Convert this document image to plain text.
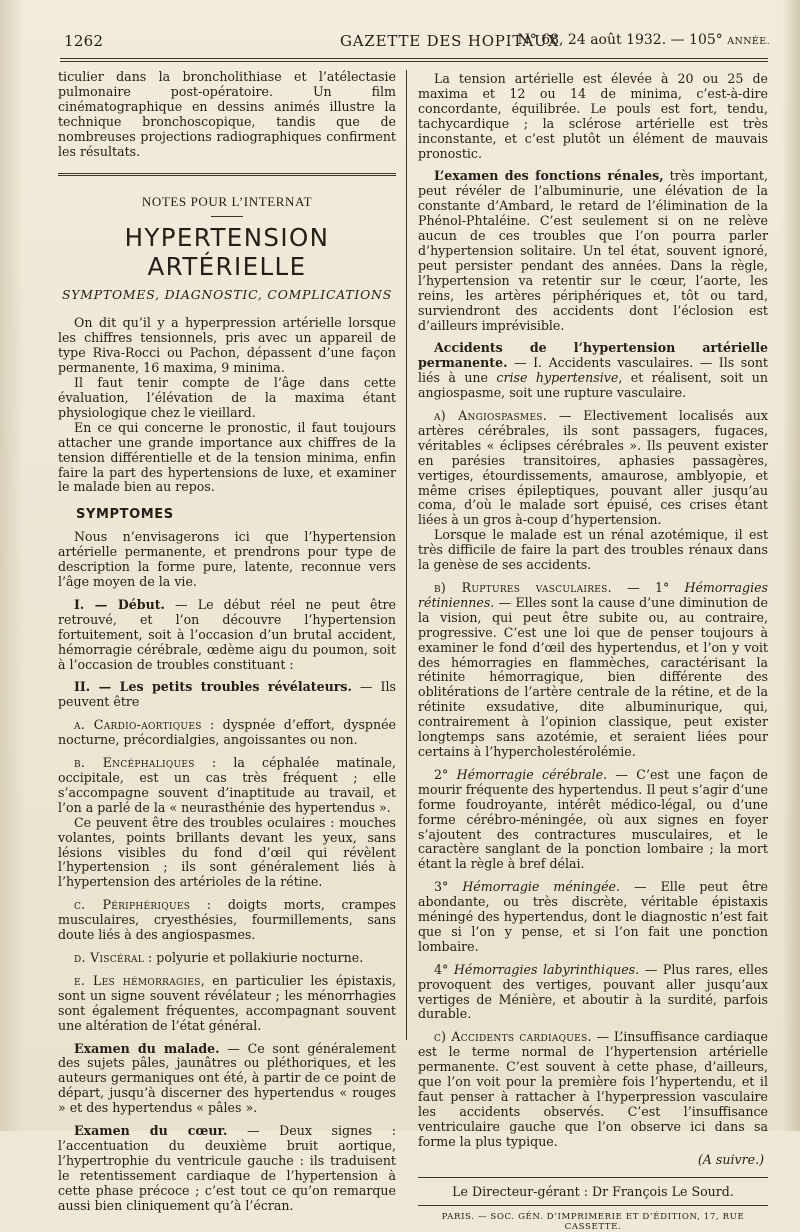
1262	GAZETTE DES HOPITAUX
N° 68, 24 août 1932. — 105° ANNÉE.

ticulier dans la broncholithiase et l’atélectasie pulmonaire post-opératoire. Un film cinématographique en dessins animés illustre la technique bronchoscopique, tandis que de nombreuses projections radiographiques confirment les résultats.

NOTES POUR L’INTERNAT
HYPERTENSION ARTÉRIELLE
SYMPTOMES, DIAGNOSTIC, COMPLICATIONS

On dit qu’il y a hyperpression artérielle lorsque les chiffres tensionnels, pris avec un appareil de type Riva-Rocci ou Pachon, dépassent d’une façon permanente, 16 maxima, 9 minima.

Il faut tenir compte de l’âge dans cette évaluation, l’élévation de la maxima étant physiologique chez le vieillard.

En ce qui concerne le pronostic, il faut toujours attacher une grande importance aux chiffres de la tension différentielle et de la tension minima, enfin faire la part des hypertensions de luxe, et examiner le malade bien au repos.

SYMPTOMES

Nous n’envisagerons ici que l’hypertension artérielle permanente, et prendrons pour type de description la forme pure, latente, reconnue vers l’âge moyen de la vie.

I. — Début. — Le début réel ne peut être retrouvé, et l’on découvre l’hypertension fortuitement, soit à l’occasion d’un brutal accident, hémorragie cérébrale, œdème aigu du poumon, soit à l’occasion de troubles constituant :

II. — Les petits troubles révélateurs. — Ils peuvent être

a. Cardio-aortiques : dyspnée d’effort, dyspnée nocturne, précordialgies, angoissantes ou non.

b. Encéphaliques : la céphalée matinale, occipitale, est un cas très fréquent ; elle s’accompagne souvent d’inaptitude au travail, et l’on a parlé de la « neurasthénie des hypertendus ».

Ce peuvent être des troubles oculaires : mouches volantes, points brillants devant les yeux, sans lésions visibles du fond d’œil qui révèlent l’hypertension ; ils sont généralement liés à l’hypertension des artérioles de la rétine.

c. Périphériques : doigts morts, crampes musculaires, cryesthésies, fourmillements, sans doute liés à des angiospasmes.

d. Viscéral : polyurie et pollakiurie nocturne.

e. Les hémorragies, en particulier les épistaxis, sont un signe souvent révélateur ; les ménorrhagies sont également fréquentes, accompagnant souvent une altération de l’état général.

Examen du malade. — Ce sont généralement des sujets pâles, jaunâtres ou pléthoriques, et les auteurs germaniques ont été, à partir de ce point de départ, jusqu’à discerner des hypertendus « rouges » et des hypertendus « pâles ».

Examen du cœur. — Deux signes : l’accentuation du deuxième bruit aortique, l’hypertrophie du ventricule gauche : ils traduisent le retentissement cardiaque de l’hypertension à cette phase précoce ; c’est tout ce qu’on remarque aussi bien cliniquement qu’à l’écran.

La tension artérielle est élevée à 20 ou 25 de maxima et 12 ou 14 de minima, c’est-à-dire concordante, équilibrée. Le pouls est fort, tendu, tachycardique ; la sclérose artérielle est très inconstante, et c’est plutôt un élément de mauvais pronostic.

L’examen des fonctions rénales, très important, peut révéler de l’albuminurie, une élévation de la constante d’Ambard, le retard de l’élimination de la Phénol-Phtaléine. C’est seulement si on ne relève aucun de ces troubles que l’on pourra parler d’hypertension solitaire. Un tel état, souvent ignoré, peut persister pendant des années. Dans la règle, l’hypertension va retentir sur le cœur, l’aorte, les reins, les artères périphériques et, tôt ou tard, surviendront des accidents dont l’éclosion est d’ailleurs imprévisible.

Accidents de l’hypertension artérielle permanente. — I. Accidents vasculaires. — Ils sont liés à une crise hypertensive, et réalisent, soit un angiospasme, soit une rupture vasculaire.

a) Angiospasmes. — Electivement localisés aux artères cérébrales, ils sont passagers, fugaces, véritables « éclipses cérébrales ». Ils peuvent exister en parésies transitoires, aphasies passagères, vertiges, étourdissements, amaurose, amblyopie, et même crises épileptiques, pouvant aller jusqu’au coma, d’où le malade sort épuisé, ces crises étant liées à un gros à-coup d’hypertension.

Lorsque le malade est un rénal azotémique, il est très difficile de faire la part des troubles rénaux dans la genèse de ses accidents.

b) Ruptures vasculaires. — 1° Hémorragies rétiniennes. — Elles sont la cause d’une diminution de la vision, qui peut être subite ou, au contraire, progressive. C’est une loi que de penser toujours à examiner le fond d’œil des hypertendus, et l’on y voit des hémorragies en flammèches, caractérisant la rétinite hémorragique, bien différente des oblitérations de l’artère centrale de la rétine, et de la rétinite exsudative, dite albuminurique, qui, contrairement à l’opinion classique, peut exister longtemps sans azotémie, et seraient liées pour certains à l’hypercholestérolémie.

2° Hémorragie cérébrale. — C’est une façon de mourir fréquente des hypertendus. Il peut s’agir d’une forme foudroyante, intérêt médico-légal, ou d’une forme cérébro-méningée, où aux signes en foyer s’ajoutent des contractures musculaires, et le caractère sanglant de la ponction lombaire ; la mort étant la règle à bref délai.

3° Hémorragie méningée. — Elle peut être abondante, ou très discrète, véritable épistaxis méningé des hypertendus, dont le diagnostic n’est fait que si l’on y pense, et si l’on fait une ponction lombaire.

4° Hémorragies labyrinthiques. — Plus rares, elles provoquent des vertiges, pouvant aller jusqu’aux vertiges de Ménière, et aboutir à la surdité, parfois durable.

c) Accidents cardiaques. — L’insuffisance cardiaque est le terme normal de l’hypertension artérielle permanente. C’est souvent à cette phase, d’ailleurs, que l’on voit pour la première fois l’hypertendu, et il faut penser à rattacher à l’hyperpression vasculaire les accidents observés. C’est l’insuffisance ventriculaire gauche que l’on observe ici dans sa forme la plus typique.

(A suivre.)
Le Directeur-gérant : Dr François Le Sourd.
PARIS. — SOC. GÉN. D’IMPRIMERIE ET D’ÉDITION, 17, RUE CASSETTE.
